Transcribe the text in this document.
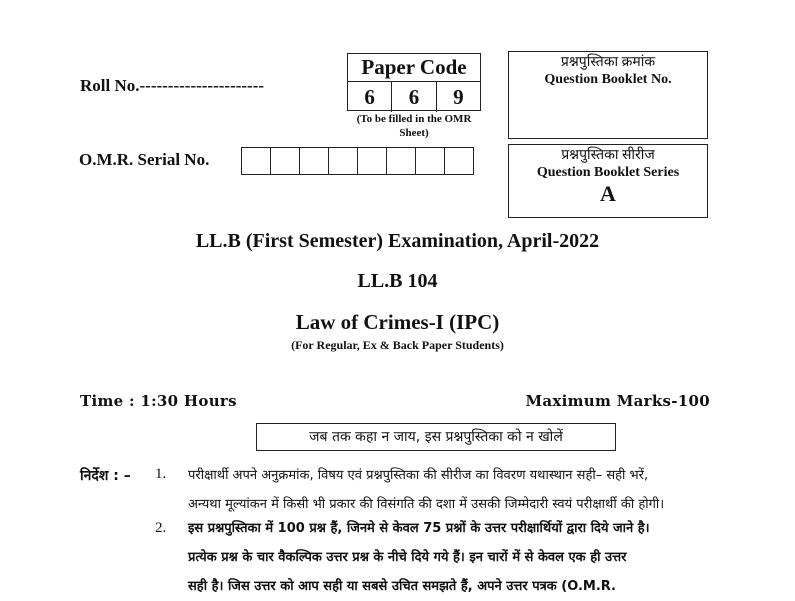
Roll No.----------------------
Paper Code
6	6	9
(To be filled in the OMR Sheet)
प्रश्नपुस्तिका क्रमांक
Question Booklet No.
O.M.R. Serial No.	प्रश्नपुस्तिका सीरीज
Question Booklet Series
A
LL.B (First Semester) Examination, April-2022
LL.B 104
Law of Crimes-I (IPC)
(For Regular, Ex & Back Paper Students)
Time : 1:30 Hours	Maximum Marks-100
जब तक कहा न जाय, इस प्रश्नपुस्तिका को न खोलें
निर्देश : – 1. परीक्षार्थी अपने अनुक्रमांक, विषय एवं प्रश्नपुस्तिका की सीरीज का विवरण यथास्थान सही– सही भरें,
अन्यथा मूल्यांकन में किसी भी प्रकार की विसंगति की दशा में उसकी जिम्मेदारी स्वयं परीक्षार्थी की होगी।
2. इस प्रश्नपुस्तिका में 100 प्रश्न हैं, जिनमे से केवल 75 प्रश्नों के उत्तर परीक्षार्थियों द्वारा दिये जाने है।
प्रत्येक प्रश्न के चार वैकल्पिक उत्तर प्रश्न के नीचे दिये गये हैं। इन चारों में से केवल एक ही उत्तर
सही है। जिस उत्तर को आप सही या सबसे उचित समझते हैं, अपने उत्तर पत्रक (O.M.R.
